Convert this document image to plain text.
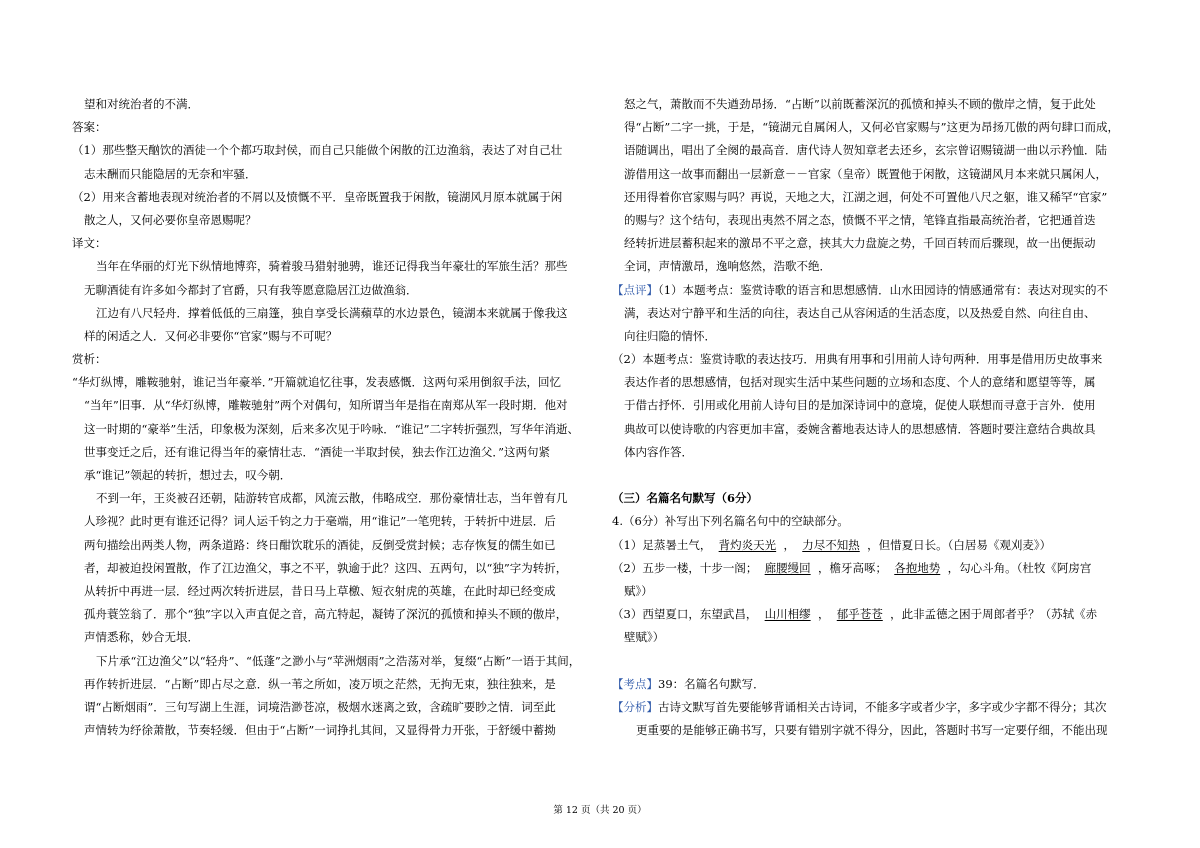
望和对统治者的不满．
答案：
（1）那些整天酗饮的酒徒一个个都巧取封侯，而自己只能做个闲散的江边渔翁，表达了对自己壮
志未酬而只能隐居的无奈和牢骚．
（2）用来含蓄地表现对统治者的不屑以及愤慨不平．皇帝既置我于闲散，镜湖风月原本就属于闲
散之人，又何必要你皇帝恩赐呢？
译文：
当年在华丽的灯光下纵情地博弈，骑着骏马猎射驰骋，谁还记得我当年豪壮的军旅生活？那些
无聊酒徒有许多如今都封了官爵，只有我等愿意隐居江边做渔翁．
江边有八尺轻舟．撑着低低的三扇篷，独自享受长满蘋草的水边景色，镜湖本来就属于像我这
样的闲适之人．又何必非要你“官家”赐与不可呢？
赏析：
“华灯纵博，雕鞍驰射，谁记当年豪举．”开篇就追忆往事，发表感慨．这两句采用倒叙手法，回忆
“当年”旧事．从“华灯纵博，雕鞍驰射”两个对偶句，知所谓当年是指在南郑从军一段时期．他对
这一时期的“豪举”生活，印象极为深刻，后来多次见于吟咏．“谁记”二字转折强烈，写华年消逝、
世事变迁之后，还有谁记得当年的豪情壮志．“酒徒一半取封侯，独去作江边渔父．”这两句紧
承“谁记”领起的转折，想过去，叹今朝．
不到一年，王炎被召还朝，陆游转官成都，风流云散，伟略成空．那份豪情壮志，当年曾有几
人珍视？此时更有谁还记得？词人运千钧之力于毫端，用“谁记”一笔兜转，于转折中进层．后
两句描绘出两类人物，两条道路：终日酣饮耽乐的酒徒，反倒受赏封候；志存恢复的儒生如已
者，却被迫投闲置散，作了江边渔父，事之不平，孰逾于此？这四、五两句，以“独”字为转折，
从转折中再进一层．经过两次转折进层，昔日马上草檄、短衣射虎的英雄，在此时却已经变成
孤舟蓑笠翁了．那个“独”字以入声直促之音，高亢特起，凝铸了深沉的孤愤和掉头不顾的傲岸，
声情悉称，妙合无垠．
下片承“江边渔父”以“轻舟”、“低蓬”之渺小与“苹洲烟雨”之浩荡对举，复缀“占断”一语于其间，
再作转折进层．“占断”即占尽之意．纵一苇之所如，凌万顷之茫然，无拘无束，独往独来，是
谓“占断烟雨”．三句写湖上生涯，词境浩渺苍凉，极烟水迷离之致，含疏旷要眇之情．词至此
声情转为纾徐萧散，节奏轻缓．但由于“占断”一词挣扎其间，又显得骨力开张，于舒缓中蓄拗
怒之气，萧散而不失遒劲昂扬．“占断”以前既蓄深沉的孤愤和掉头不顾的傲岸之情，复于此处
得“占断”二字一挑，于是，“镜湖元自属闲人，又何必官家赐与”这更为昂扬兀傲的两句肆口而成，
语随调出，唱出了全阕的最高音．唐代诗人贺知章老去还乡，玄宗曾诏赐镜湖一曲以示矜恤．陆
游借用这一故事而翻出一层新意－－官家（皇帝）既置他于闲散，这镜湖风月本来就只属闲人，
还用得着你官家赐与吗？再说，天地之大，江湖之迥，何处不可置他八尺之躯，谁又稀罕“官家”
的赐与？这个结句，表现出夷然不屑之态，愤慨不平之情，笔锋直指最高统治者，它把通首迭
经转折进层蓄积起来的激昂不平之意，挟其大力盘旋之势，千回百转而后骤现，故一出便振动
全词，声情激昂，逸响悠然，浩歌不绝．
【点评】（1）本题考点：鉴赏诗歌的语言和思想感情．山水田园诗的情感通常有：表达对现实的不
满，表达对宁静平和生活的向往，表达自己从容闲适的生活态度，以及热爱自然、向往自由、
向往归隐的情怀．
（2）本题考点：鉴赏诗歌的表达技巧．用典有用事和引用前人诗句两种．用事是借用历史故事来
表达作者的思想感情，包括对现实生活中某些问题的立场和态度、个人的意绪和愿望等等，属
于借古抒怀．引用或化用前人诗句目的是加深诗词中的意境，促使人联想而寻意于言外．使用
典故可以使诗歌的内容更加丰富，委婉含蓄地表达诗人的思想感情．答题时要注意结合典故具
体内容作答．
（三）名篇名句默写（6分）
4.（6分）补写出下列名篇名句中的空缺部分。
（1）足蒸暑土气， 背灼炎天光 ， 力尽不知热 ，但惜夏日长。（白居易《观刈麦》）
（2）五步一楼，十步一阁； 廊腰缦回 ，檐牙高啄； 各抱地势 ，勾心斗角。（杜牧《阿房宫
赋》）
（3）西望夏口，东望武昌， 山川相缪 ， 郁乎苍苍 ，此非孟德之困于周郎者乎？（苏轼《赤
壁赋》）
【考点】39：名篇名句默写．
【分析】古诗文默写首先要能够背诵相关古诗词，不能多字或者少字，多字或少字都不得分；其次
更重要的是能够正确书写，只要有错别字就不得分，因此，答题时书写一定要仔细，不能出现
第 12 页（共 20 页）
